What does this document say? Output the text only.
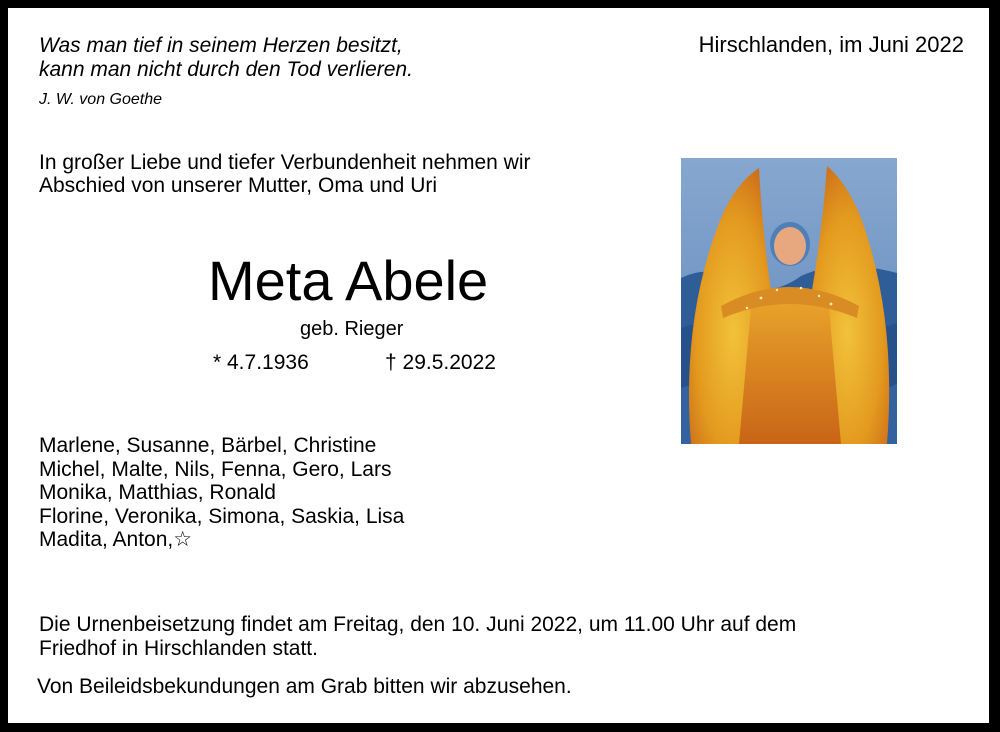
Was man tief in seinem Herzen besitzt,
kann man nicht durch den Tod verlieren.
J. W. von Goethe
Hirschlanden, im Juni 2022
In großer Liebe und tiefer Verbundenheit nehmen wir
Abschied von unserer Mutter, Oma und Uri
Meta Abele
geb. Rieger
* 4.7.1936	† 29.5.2022
Marlene, Susanne, Bärbel, Christine
Michel, Malte, Nils, Fenna, Gero, Lars
Monika, Matthias, Ronald
Florine, Veronika, Simona, Saskia, Lisa
Madita, Anton,☆
Die Urnenbeisetzung findet am Freitag, den 10. Juni 2022, um 11.00 Uhr auf dem
Friedhof in Hirschlanden statt.
Von Beileidsbekundungen am Grab bitten wir abzusehen.
